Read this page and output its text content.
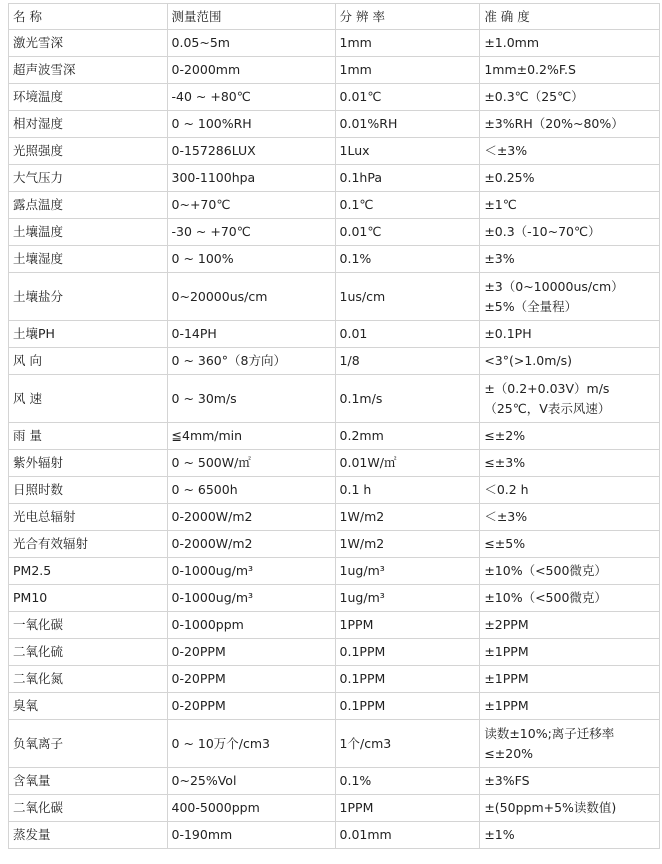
名 称	测量范围	分 辨 率	准 确 度
激光雪深	0.05~5m	1mm	±1.0mm

超声波雪深	0-2000mm	1mm	1mm±0.2%F.S

环境温度	-40 ~ +80℃	0.01℃	±0.3℃（25℃）

相对湿度	0 ~ 100%RH	0.01%RH	±3%RH（20%~80%）

光照强度	0-157286LUX	1Lux	＜±3%

大气压力	300-1100hpa	0.1hPa	±0.25%

露点温度	0~+70℃	0.1℃	±1℃

土壤温度	-30 ~ +70℃	0.01℃	±0.3（-10~70℃）

土壤湿度	0 ~ 100%	0.1%	±3%

土壤盐分	0~20000us/cm	1us/cm	±3（0~10000us/cm）
±5%（全量程）

土壤PH	0-14PH	0.01	±0.1PH

风 向	0 ~ 360°（8方向）	1/8	<3°(>1.0m/s)

风 速	0 ~ 30m/s	0.1m/s	±（0.2+0.03V）m/s
（25℃，V表示风速）

雨 量	≦4mm/min	0.2mm	≤±2%

紫外辐射	0 ~ 500W/㎡	0.01W/㎡	≤±3%

日照时数	0 ~ 6500h	0.1 h	＜0.2 h

光电总辐射	0-2000W/m2	1W/m2	＜±3%

光合有效辐射	0-2000W/m2	1W/m2	≤±5%

PM2.5	0-1000ug/m³	1ug/m³	±10%（<500微克）

PM10	0-1000ug/m³	1ug/m³	±10%（<500微克）

一氧化碳	0-1000ppm	1PPM	±2PPM

二氧化硫	0-20PPM	0.1PPM	±1PPM

二氧化氮	0-20PPM	0.1PPM	±1PPM

臭氧	0-20PPM	0.1PPM	±1PPM

负氧离子	0 ~ 10万个/cm3	1个/cm3	读数±10%;离子迁移率
≤±20%

含氧量	0~25%Vol	0.1%	±3%FS

二氧化碳	400-5000ppm	1PPM	±(50ppm+5%读数值)

蒸发量	0-190mm	0.01mm	±1%
